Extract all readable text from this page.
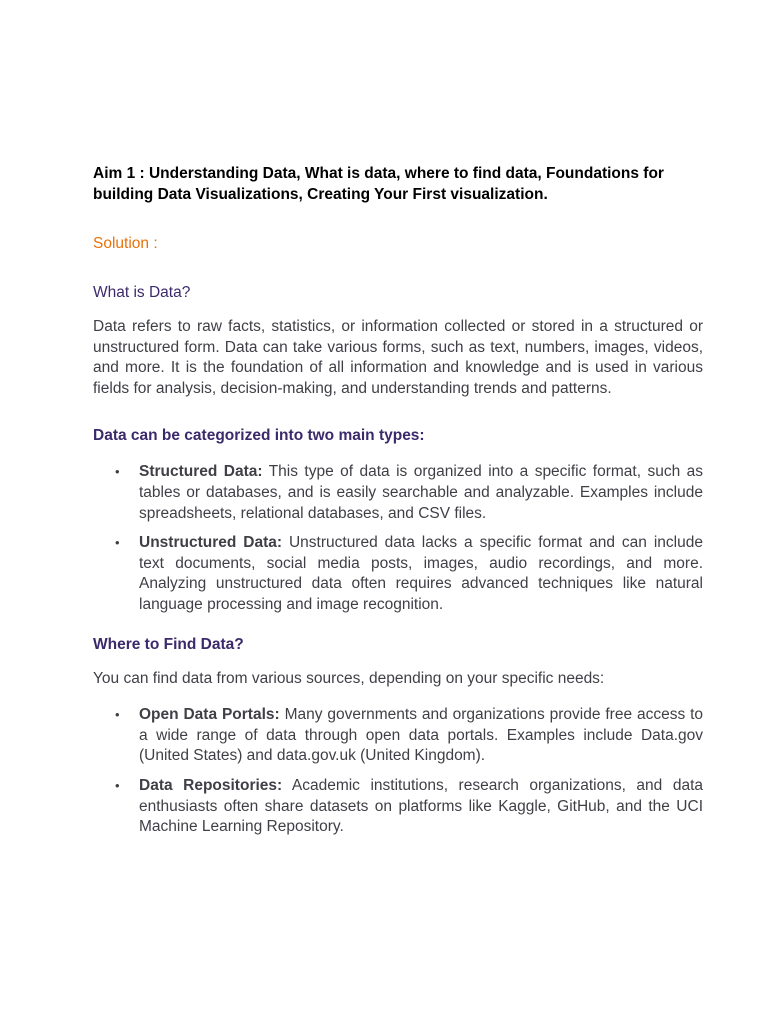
Aim 1 : Understanding Data, What is data, where to find data, Foundations for building Data Visualizations, Creating Your First visualization.

Solution :

What is Data?

Data refers to raw facts, statistics, or information collected or stored in a structured or unstructured form. Data can take various forms, such as text, numbers, images, videos, and more. It is the foundation of all information and knowledge and is used in various fields for analysis, decision-making, and understanding trends and patterns.

Data can be categorized into two main types:
• Structured Data: This type of data is organized into a specific format, such as tables or databases, and is easily searchable and analyzable. Examples include spreadsheets, relational databases, and CSV files.
• Unstructured Data: Unstructured data lacks a specific format and can include text documents, social media posts, images, audio recordings, and more. Analyzing unstructured data often requires advanced techniques like natural language processing and image recognition.
Where to Find Data?

You can find data from various sources, depending on your specific needs:

• Open Data Portals: Many governments and organizations provide free access to a wide range of data through open data portals. Examples include Data.gov (United States) and data.gov.uk (United Kingdom).
• Data Repositories: Academic institutions, research organizations, and data enthusiasts often share datasets on platforms like Kaggle, GitHub, and the UCI Machine Learning Repository.
